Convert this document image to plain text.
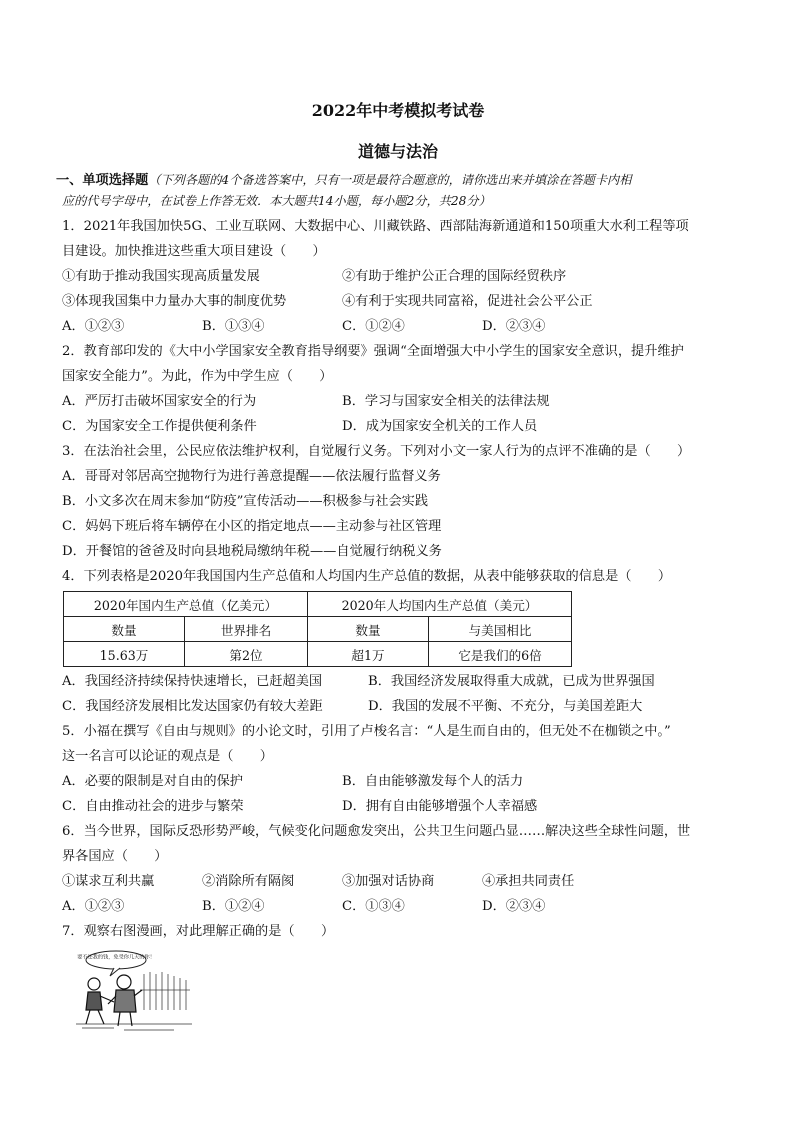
2022年中考模拟考试卷

道德与法治

一、单项选择题（下列各题的4个备选答案中，只有一项是最符合题意的，请你选出来并填涂在答题卡内相
应的代号字母中，在试卷上作答无效．本大题共14小题，每小题2分，共28分）

1．2021年我国加快5G、工业互联网、大数据中心、川藏铁路、西部陆海新通道和150项重大水利工程等项

目建设。加快推进这些重大项目建设（　　）

①有助于推动我国实现高质量发展	②有助于维护公正合理的国际经贸秩序
③体现我国集中力量办大事的制度优势	④有利于实现共同富裕，促进社会公平公正
A．①②③	B．①③④	C．①②④	D．②③④

2．教育部印发的《大中小学国家安全教育指导纲要》强调“全面增强大中小学生的国家安全意识，提升维护

国家安全能力”。为此，作为中学生应（　　）

A．严厉打击破坏国家安全的行为	B．学习与国家安全相关的法律法规
C．为国家安全工作提供便利条件	D．成为国家安全机关的工作人员

3．在法治社会里，公民应依法维护权利，自觉履行义务。下列对小文一家人行为的点评不准确的是（　　）

A．哥哥对邻居高空抛物行为进行善意提醒——依法履行监督义务

B．小文多次在周末参加“防疫”宣传活动——积极参与社会实践

C．妈妈下班后将车辆停在小区的指定地点——主动参与社区管理

D．开餐馆的爸爸及时向县地税局缴纳年税——自觉履行纳税义务

4．下列表格是2020年我国国内生产总值和人均国内生产总值的数据，从表中能够获取的信息是（　　）

2020年国内生产总值（亿美元）		2020年人均国内生产总值（美元）	
数量	世界排名	数量	与美国相比
15.63万	第2位	超1万	它是我们的6倍
A．我国经济持续保持快速增长，已赶超美国	B．我国经济发展取得重大成就，已成为世界强国
C．我国经济发展相比发达国家仍有较大差距	D．我国的发展不平衡、不充分，与美国差距大

5．小福在撰写《自由与规则》的小论文时，引用了卢梭名言：“人是生而自由的，但无处不在枷锁之中。”

这一名言可以论证的观点是（　　）

A．必要的限制是对自由的保护	B．自由能够激发每个人的活力
C．自由推动社会的进步与繁荣	D．拥有自由能够增强个人幸福感

6．当今世界，国际反恐形势严峻，气候变化问题愈发突出，公共卫生问题凸显……解决这些全球性问题，世

界各国应（　　）

①谋求互利共赢	②消除所有隔阂	③加强对话协商	④承担共同责任
A．①②③	B．①②④	C．①③④	D．②③④

7．观察右图漫画，对此理解正确的是（　　）

要不还我的钱，免受你几天的你！
